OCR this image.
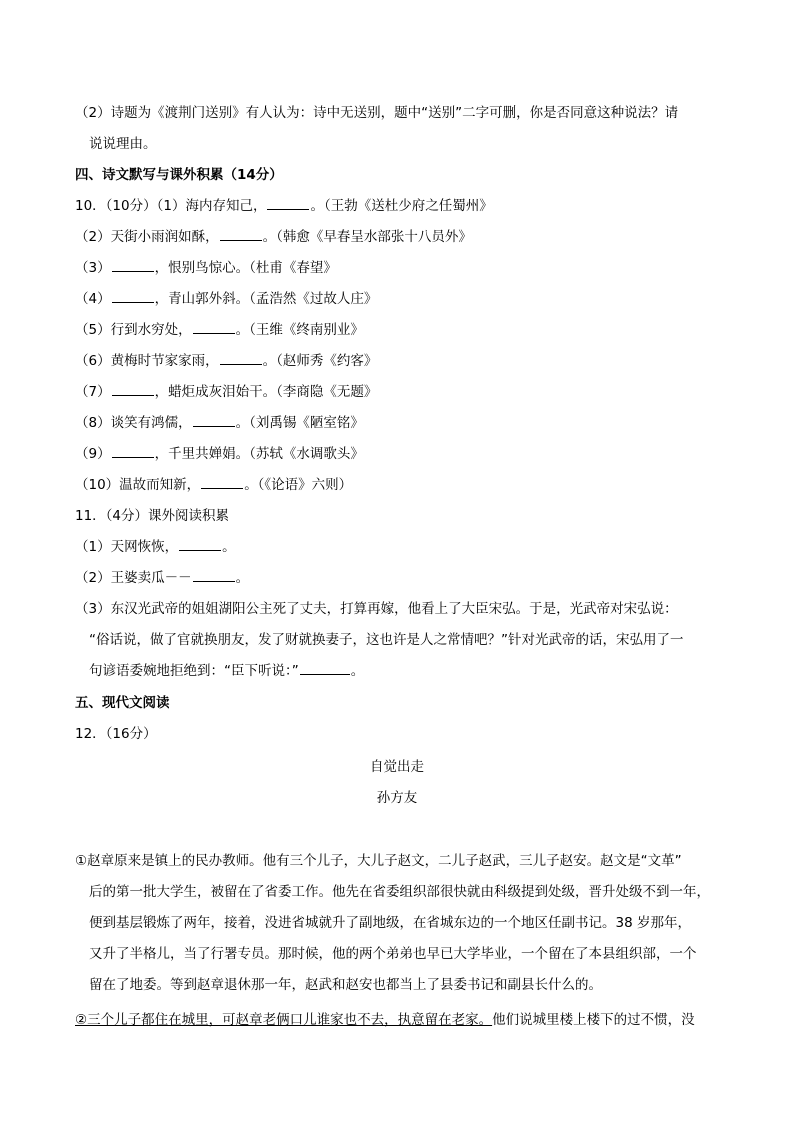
（2）诗题为《渡荆门送别》有人认为：诗中无送别，题中“送别”二字可删，你是否同意这种说法？请
说说理由。
四、诗文默写与课外积累（14分）
10．（10分）（1）海内存知己，	。（王勃《送杜少府之任蜀州》
（2）天街小雨润如酥，	。（韩愈《早春呈水部张十八员外》
（3）	，恨别鸟惊心。（杜甫《春望》
（4）	，青山郭外斜。（孟浩然《过故人庄》
（5）行到水穷处，	。（王维《终南别业》
（6）黄梅时节家家雨，	。（赵师秀《约客》
（7）	，蜡炬成灰泪始干。（李商隐《无题》
（8）谈笑有鸿儒，	。（刘禹锡《陋室铭》
（9）	，千里共婵娟。（苏轼《水调歌头》
（10）温故而知新，	。（《论语》六则）
11．（4分）课外阅读积累
（1）天网恢恢，	。
（2）王婆卖瓜－－	。
（3）东汉光武帝的姐姐湖阳公主死了丈夫，打算再嫁，他看上了大臣宋弘。于是，光武帝对宋弘说：
“俗话说，做了官就换朋友，发了财就换妻子，这也许是人之常情吧？”针对光武帝的话，宋弘用了一
句谚语委婉地拒绝到：“臣下听说：”	。
五、现代文阅读
12．（16分）
自觉出走
孙方友
①赵章原来是镇上的民办教师。他有三个儿子，大儿子赵文，二儿子赵武，三儿子赵安。赵文是“文革”
后的第一批大学生，被留在了省委工作。他先在省委组织部很快就由科级提到处级，晋升处级不到一年，
便到基层锻炼了两年，接着，没进省城就升了副地级，在省城东边的一个地区任副书记。38 岁那年，
又升了半格儿，当了行署专员。那时候，他的两个弟弟也早已大学毕业，一个留在了本县组织部，一个
留在了地委。等到赵章退休那一年，赵武和赵安也都当上了县委书记和副县长什么的。
②三个儿子都住在城里，可赵章老俩口儿谁家也不去，执意留在老家。他们说城里楼上楼下的过不惯，没
